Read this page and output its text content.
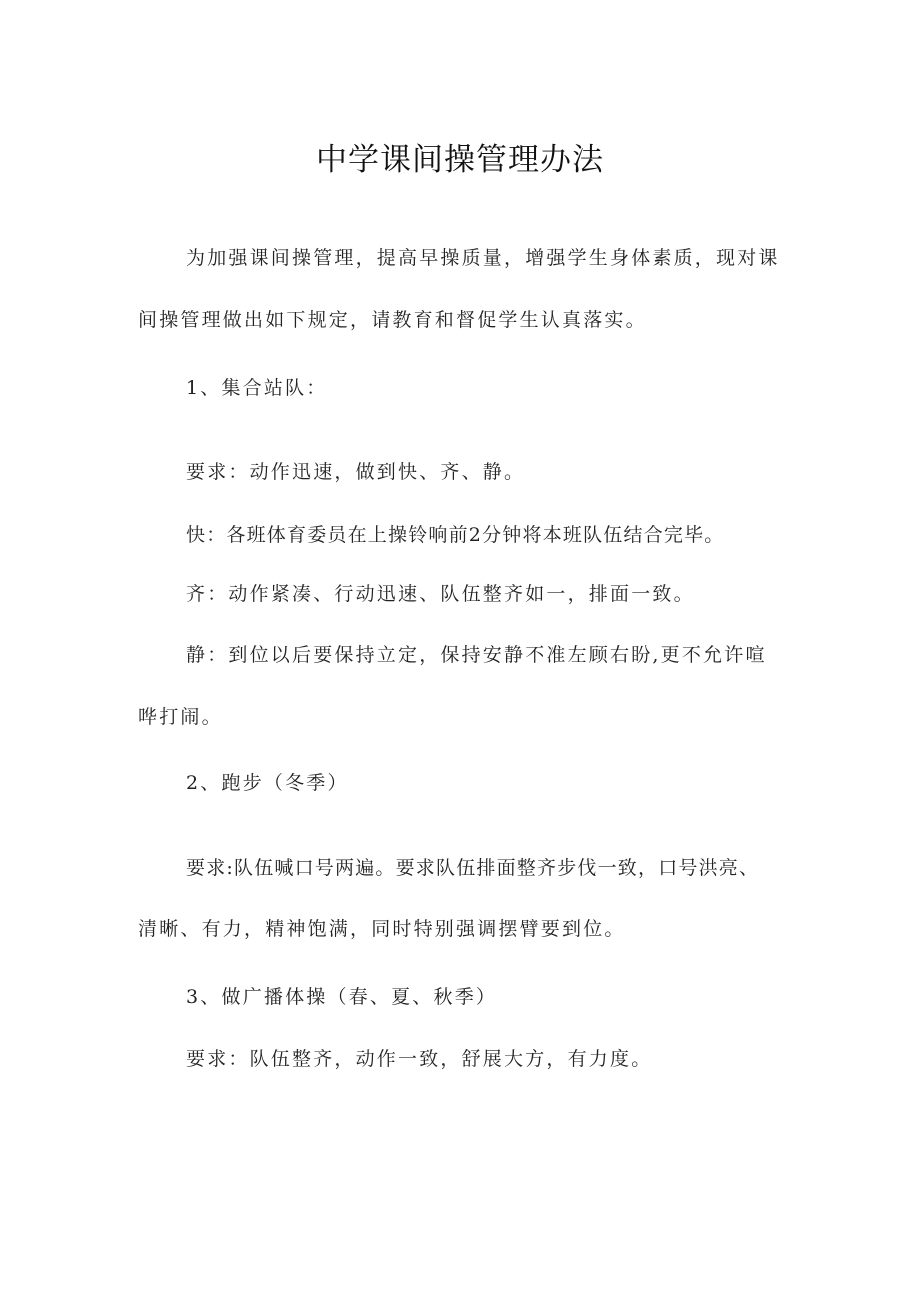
中学课间操管理办法
为加强课间操管理，提高早操质量，增强学生身体素质，现对课
间操管理做出如下规定，请教育和督促学生认真落实。
1、集合站队：
要求：动作迅速，做到快、齐、静。
快：各班体育委员在上操铃响前2分钟将本班队伍结合完毕。
齐：动作紧凑、行动迅速、队伍整齐如一，排面一致。
静：到位以后要保持立定，保持安静不准左顾右盼,更不允许喧
哗打闹。
2、跑步（冬季）
要求:队伍喊口号两遍。要求队伍排面整齐步伐一致，口号洪亮、
清晰、有力，精神饱满，同时特别强调摆臂要到位。
3、做广播体操（春、夏、秋季）
要求：队伍整齐，动作一致，舒展大方，有力度。
